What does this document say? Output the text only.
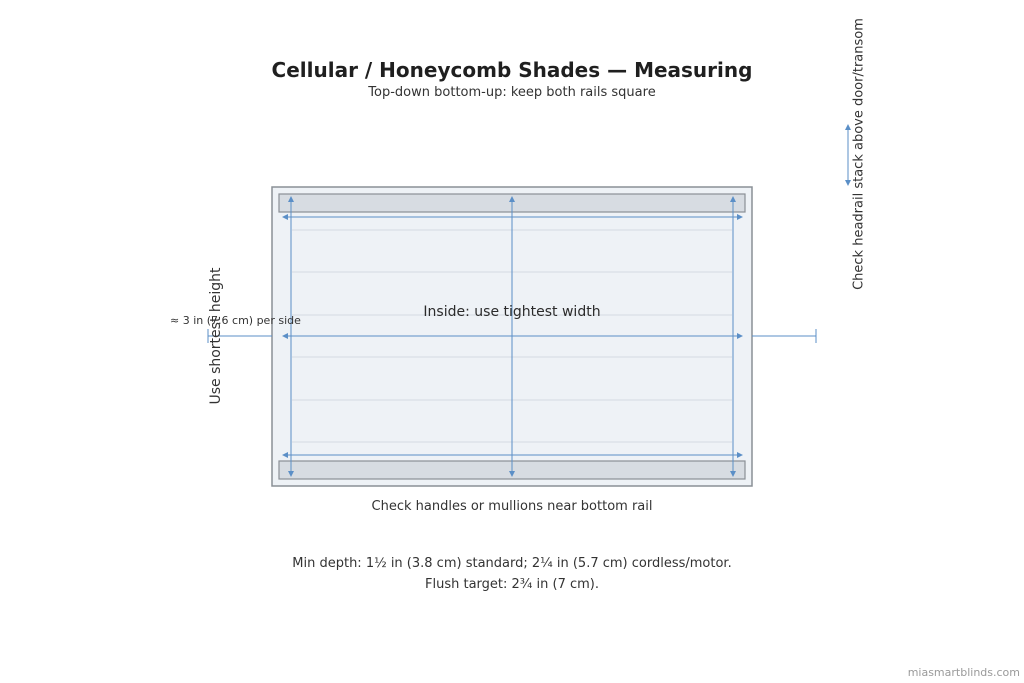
Cellular / Honeycomb Shades — Measuring
Top-down bottom-up: keep both rails square
Use shortest height
Check headrail stack above door/transom
≈ 3 in (7.6 cm) per side
Inside: use tightest width
Check handles or mullions near bottom rail
Min depth: 1½ in (3.8 cm) standard; 2¼ in (5.7 cm) cordless/motor.
Flush target: 2¾ in (7 cm).
miasmartblinds.com
